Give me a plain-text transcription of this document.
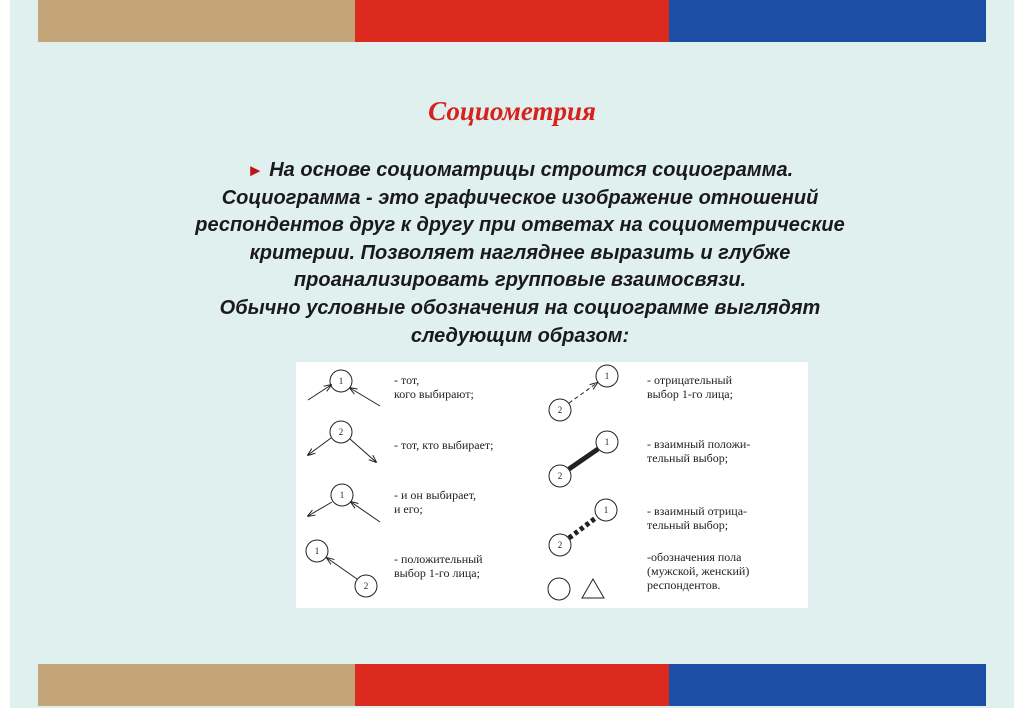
Социометрия
► На основе социоматрицы строится социограмма.
Социограмма - это графическое изображение отношений
респондентов друг к другу при ответах на социометрические
критерии. Позволяет нагляднее выразить и глубже
проанализировать групповые взаимосвязи.
Обычно условные обозначения на социограмме выглядят
следующим образом:
1
2
1
1
2
1
2
1
2
1
2
- тот,
кого выбирают;
- тот, кто выбирает;
- и он выбирает,
и его;
- положительный
выбор 1-го лица;
- отрицательный
выбор 1-го лица;
- взаимный положи-
тельный выбор;
- взаимный отрица-
тельный выбор;
-обозначения пола
(мужской, женский)
респондентов.
